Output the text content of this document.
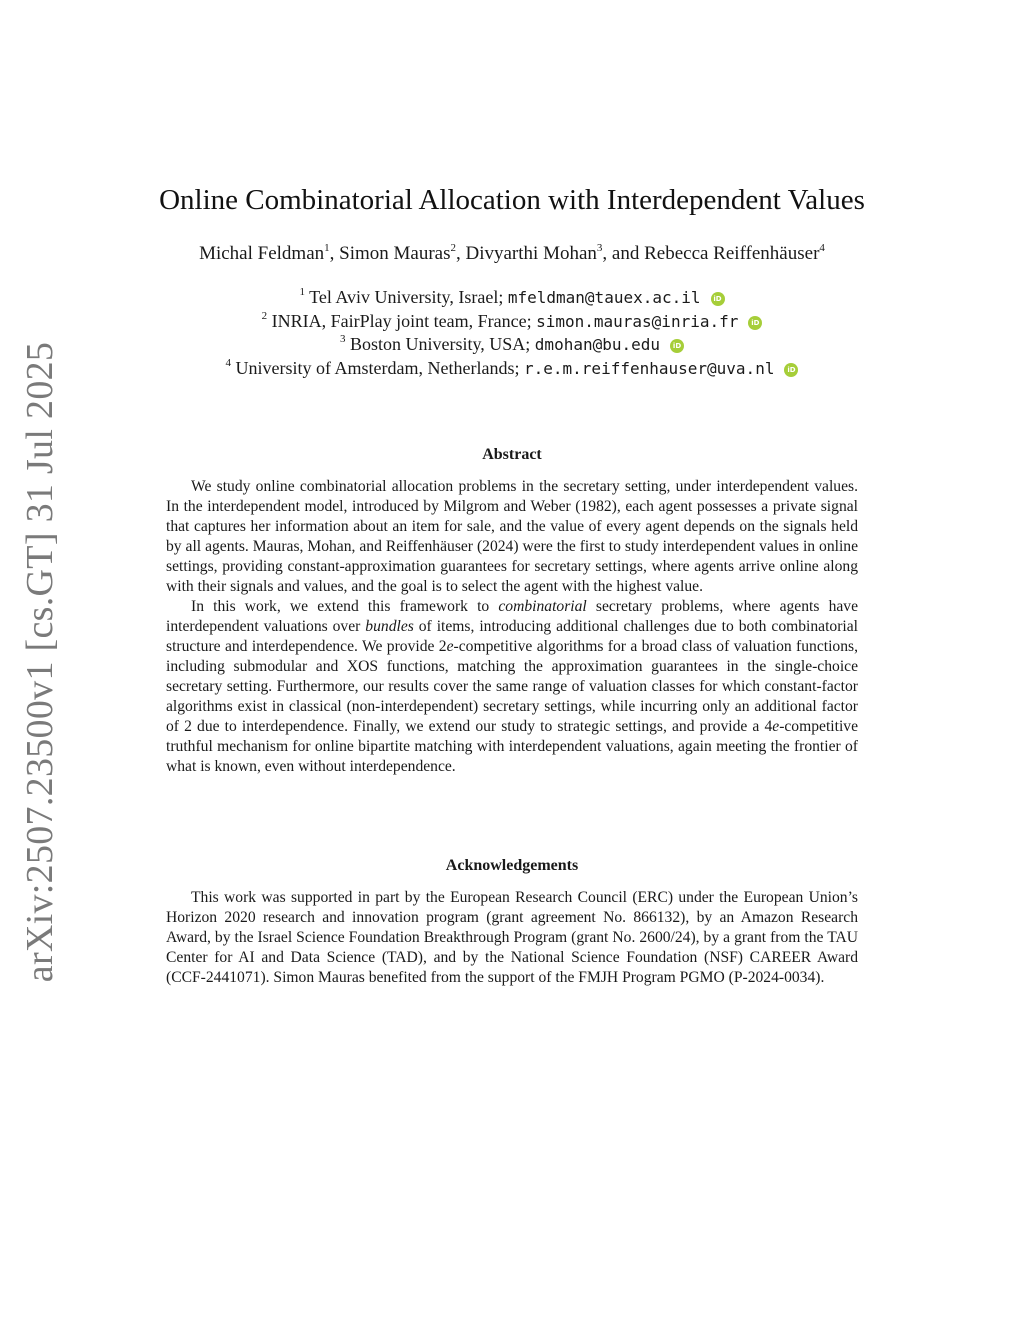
arXiv:2507.23500v1 [cs.GT] 31 Jul 2025
Online Combinatorial Allocation with Interdependent Values
Michal Feldman$^1$, Simon Mauras$^2$, Divyarthi Mohan$^3$, and Rebecca Reiffenhäuser$^4$
$^1$ Tel Aviv University, Israel; mfeldman@tauex.ac.il iD
$^2$ INRIA, FairPlay joint team, France; simon.mauras@inria.fr iD
$^3$ Boston University, USA; dmohan@bu.edu iD
$^4$ University of Amsterdam, Netherlands; r.e.m.reiffenhauser@uva.nl iD
Abstract

We study online combinatorial allocation problems in the secretary setting, under interdependent values. In the interdependent model, introduced by Milgrom and Weber (1982), each agent possesses a private signal that captures her information about an item for sale, and the value of every agent depends on the signals held by all agents. Mauras, Mohan, and Reiffenhäuser (2024) were the first to study interdependent values in online settings, providing constant-approximation guarantees for secretary settings, where agents arrive online along with their signals and values, and the goal is to select the agent with the highest value.

In this work, we extend this framework to combinatorial secretary problems, where agents have interdependent valuations over bundles of items, introducing additional challenges due to both combinatorial structure and interdependence. We provide 2e-competitive algorithms for a broad class of valuation functions, including submodular and XOS functions, matching the approximation guarantees in the single-choice secretary setting. Furthermore, our results cover the same range of valuation classes for which constant-factor algorithms exist in classical (non-interdependent) secretary settings, while incurring only an additional factor of 2 due to interdependence. Finally, we extend our study to strategic settings, and provide a 4e-competitive truthful mechanism for online bipartite matching with interdependent valuations, again meeting the frontier of what is known, even without interdependence.

Acknowledgements

This work was supported in part by the European Research Council (ERC) under the European Union’s Horizon 2020 research and innovation program (grant agreement No. 866132), by an Amazon Research Award, by the Israel Science Foundation Breakthrough Program (grant No. 2600/24), by a grant from the TAU Center for AI and Data Science (TAD), and by the National Science Foundation (NSF) CAREER Award (CCF-2441071). Simon Mauras benefited from the support of the FMJH Program PGMO (P-2024-0034).
